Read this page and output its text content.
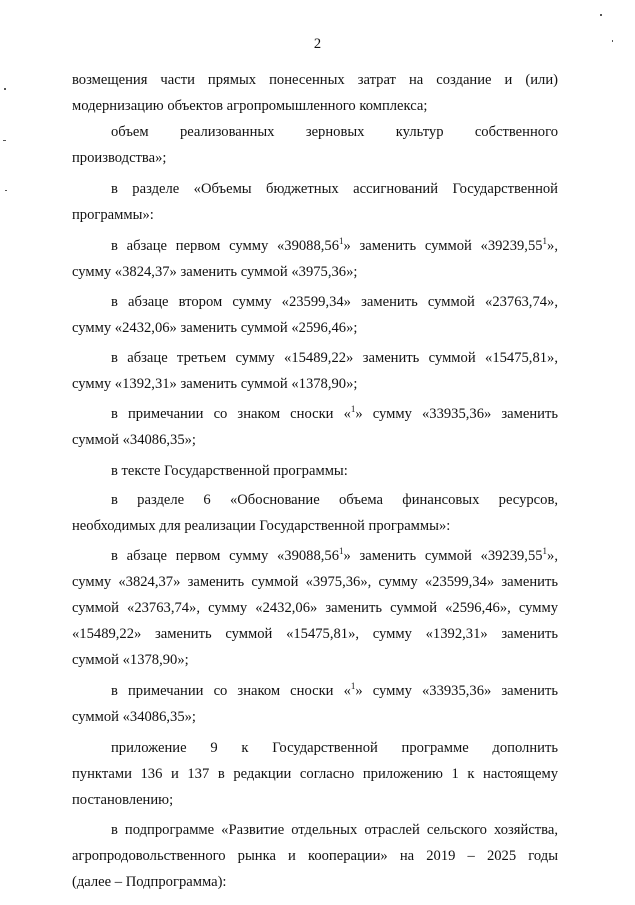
2

возмещения части прямых понесенных затрат на создание и (или)
модернизацию объектов агропромышленного комплекса;

объем реализованных зерновых культур собственного
производства»;

в разделе «Объемы бюджетных ассигнований Государственной
программы»:

в абзаце первом сумму «39088,56$^1$» заменить суммой «39239,55$^1$»,
сумму «3824,37» заменить суммой «3975,36»;

в абзаце втором сумму «23599,34» заменить суммой «23763,74»,
сумму «2432,06» заменить суммой «2596,46»;

в абзаце третьем сумму «15489,22» заменить суммой «15475,81»,
сумму «1392,31» заменить суммой «1378,90»;

в примечании со знаком сноски «$^1$» сумму «33935,36» заменить
суммой «34086,35»;

в тексте Государственной программы:

в разделе 6 «Обоснование объема финансовых ресурсов,
необходимых для реализации Государственной программы»:

в абзаце первом сумму «39088,56$^1$» заменить суммой «39239,55$^1$»,
сумму «3824,37» заменить суммой «3975,36», сумму «23599,34» заменить
суммой «23763,74», сумму «2432,06» заменить суммой «2596,46», сумму
«15489,22» заменить суммой «15475,81», сумму «1392,31» заменить
суммой «1378,90»;

в примечании со знаком сноски «$^1$» сумму «33935,36» заменить
суммой «34086,35»;

приложение 9 к Государственной программе дополнить
пунктами 136 и 137 в редакции согласно приложению 1 к настоящему
постановлению;

в подпрограмме «Развитие отдельных отраслей сельского хозяйства,
агропродовольственного рынка и кооперации» на 2019 – 2025 годы
(далее – Подпрограмма):
